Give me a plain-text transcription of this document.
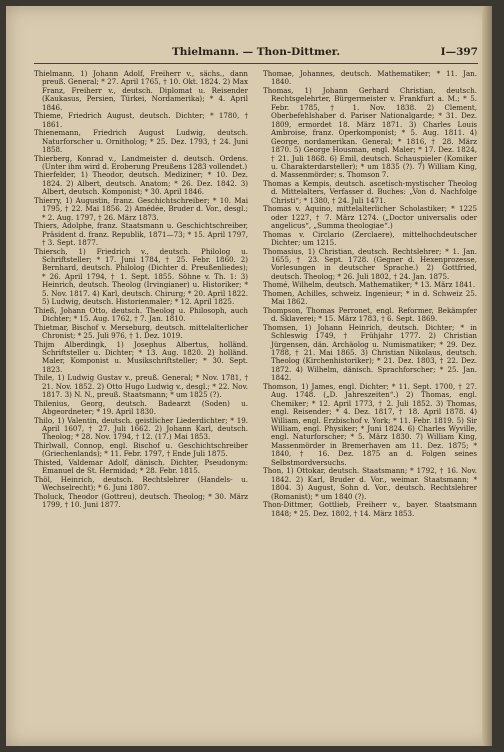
Thielmann. — Thon-Dittmer.	I—397

Thielmann, 1) Johann Adolf, Freiherr v., sächs., dann preuß. General; * 27. April 1765, † 10. Okt. 1824. 2) Max Franz, Freiherr v., deutsch. Diplomat u. Reisender (Kaukasus, Persien, Türkei, Nordamerika); * 4. April 1846.

Thieme, Friedrich August, deutsch. Dichter; * 1780, † 1861.

Thienemann, Friedrich August Ludwig, deutsch. Naturforscher u. Ornitholog; * 25. Dez. 1793, † 24. Juni 1858.

Thierberg, Konrad v., Landmeister d. deutsch. Ordens. (Unter ihm wird d. Eroberung Preußens 1283 vollendet.)

Thierfelder, 1) Theodor, deutsch. Mediziner; * 10. Dez. 1824. 2) Albert, deutsch. Anatom; * 26. Dez. 1842. 3) Albert, deutsch. Komponist; * 30. April 1846.

Thierry, 1) Augustin, franz. Geschichtschreiber; * 10. Mai 1795, † 22. Mai 1856. 2) Amédée, Bruder d. Vor., desgl.; * 2. Aug. 1797, † 26. März 1873.

Thiers, Adolphe, franz. Staatsmann u. Geschichtschreiber, Präsident d. franz. Republik, 1871—73; * 15. April 1797, † 3. Sept. 1877.

Thiersch, 1) Friedrich v., deutsch. Philolog u. Schriftsteller; * 17. Juni 1784, † 25. Febr. 1860. 2) Bernhard, deutsch. Philolog (Dichter d. Preußenliedes); * 26. April 1794, † 1. Sept. 1855. Söhne v. Th. 1: 3) Heinrich, deutsch. Theolog (Irvingianer) u. Historiker; * 5. Nov. 1817. 4) Karl, deutsch. Chirurg; * 20. April 1822. 5) Ludwig, deutsch. Historienmaler; * 12. April 1825.

Thieß, Johann Otto, deutsch. Theolog u. Philosoph, auch Dichter; * 15. Aug. 1762, † 7. Jan. 1810.

Thietmar, Bischof v. Merseburg, deutsch. mittelalterlicher Chronist; * 25. Juli 976, † 1. Dez. 1019.

Thijm Alberdingk, 1) Josephus Albertus, holländ. Schriftsteller u. Dichter; * 13. Aug. 1820. 2) holländ. Maler, Komponist u. Musikschriftsteller; * 30. Sept. 1823.

Thile, 1) Ludwig Gustav v., preuß. General; * Nov. 1781, † 21. Nov. 1852. 2) Otto Hugo Ludwig v., desgl.; * 22. Nov. 1817. 3) N. N., preuß. Staatsmann; * um 1825 (?).

Thilenius, Georg, deutsch. Badearzt (Soden) u. Abgeordneter; * 19. April 1830.

Thilo, 1) Valentin, deutsch. geistlicher Liederdichter; * 19. April 1607, † 27. Juli 1662. 2) Johann Karl, deutsch. Theolog; * 28. Nov. 1794, † 12. (17.) Mai 1853.

Thirlwall, Connop, engl. Bischof u. Geschichtschreiber (Griechenlands); * 11. Febr. 1797, † Ende Juli 1875.

Thisted, Valdemar Adolf, dänisch. Dichter, Pseudonym: Emanuel de St. Hermidad; * 28. Febr. 1815.

Thöl, Heinrich, deutsch. Rechtslehrer (Handels- u. Wechselrecht); * 6. Juni 1807.

Tholuck, Theodor (Gottreu), deutsch. Theolog; * 30. März 1799, † 10. Juni 1877.

Thomae, Johannes, deutsch. Mathematiker; * 11. Jan. 1840.

Thomas, 1) Johann Gerhard Christian, deutsch. Rechtsgelehrter, Bürgermeister v. Frankfurt a. M.; * 5. Febr. 1785, † 1. Nov. 1838. 2) Clement, Oberbefehlshaber d. Pariser Nationalgarde; * 31. Dez. 1809, ermordet 18. März 1871. 3) Charles Louis Ambroise, franz. Operkomponist; * 5. Aug. 1811. 4) George, nordamerikan. General; * 1816, † 28. März 1870. 5) George Housman, engl. Maler; * 17. Dez. 1824, † 21. Juli 1868. 6) Emil, deutsch. Schauspieler (Komiker u. Charakterdarsteller); * um 1835 (?). 7) William King, d. Massenmörder; s. Thomson 7.

Thomas a Kempis, deutsch. ascetisch-mystischer Theolog d. Mittelalters, Verfasser d. Buches: „Von d. Nachfolge Christi“; * 1380, † 24. Juli 1471.

Thomas v. Aquino, mittelalterlicher Scholastiker; * 1225 oder 1227, † 7. März 1274. („Doctor universalis oder angelicus“, „Summa theologiae“.)

Thomas v. Circlario (Zerclaere), mittelhochdeutscher Dichter; um 1215.

Thomasius, 1) Christian, deutsch. Rechtslehrer; * 1. Jan. 1655, † 23. Sept. 1728. (Gegner d. Hexenprozesse, Vorlesungen in deutscher Sprache.) 2) Gottfried, deutsch. Theolog; * 26. Juli 1802, † 24. Jan. 1875.

Thomé, Wilhelm, deutsch. Mathematiker; * 13. März 1841.

Thomen, Achilles, schweiz. Ingenieur; * in d. Schweiz 25. Mai 1862.

Thompson, Thomas Perronet, engl. Reformer, Bekämpfer d. Sklaverei; * 15. März 1783, † 6. Sept. 1869.

Thomsen, 1) Johann Heinrich, deutsch. Dichter; * in Schleswig 1749, † Frühjahr 1777. 2) Christian Jürgensen, dän. Archäolog u. Numismatiker; * 29. Dez. 1788, † 21. Mai 1865. 3) Christian Nikolaus, deutsch. Theolog (Kirchenhistoriker); * 21. Dez. 1803, † 22. Dez. 1872. 4) Wilhelm, dänisch. Sprachforscher; * 25. Jan. 1842.

Thomson, 1) James, engl. Dichter; * 11. Sept. 1700, † 27. Aug. 1748. („D. Jahreszeiten“.) 2) Thomas, engl. Chemiker; * 12. April 1773, † 2. Juli 1852. 3) Thomas, engl. Reisender; * 4. Dez. 1817, † 18. April 1878. 4) William, engl. Erzbischof v. York; * 11. Febr. 1819. 5) Sir William, engl. Physiker; * Juni 1824. 6) Charles Wyville, engl. Naturforscher; * 5. März 1830. 7) William King, Massenmörder in Bremerhaven am 11. Dez. 1875; * 1840, † 16. Dez. 1875 an d. Folgen seines Selbstmordversuchs.

Thon, 1) Ottokar, deutsch. Staatsmann; * 1792, † 16. Nov. 1842. 2) Karl, Bruder d. Vor., weimar. Staatsmann; * 1804. 3) August, Sohn d. Vor., deutsch. Rechtslehrer (Romanist); * um 1840 (?).

Thon-Dittmer, Gottlieb, Freiherr v., bayer. Staatsmann 1848; * 25. Dez. 1802, † 14. März 1853.
